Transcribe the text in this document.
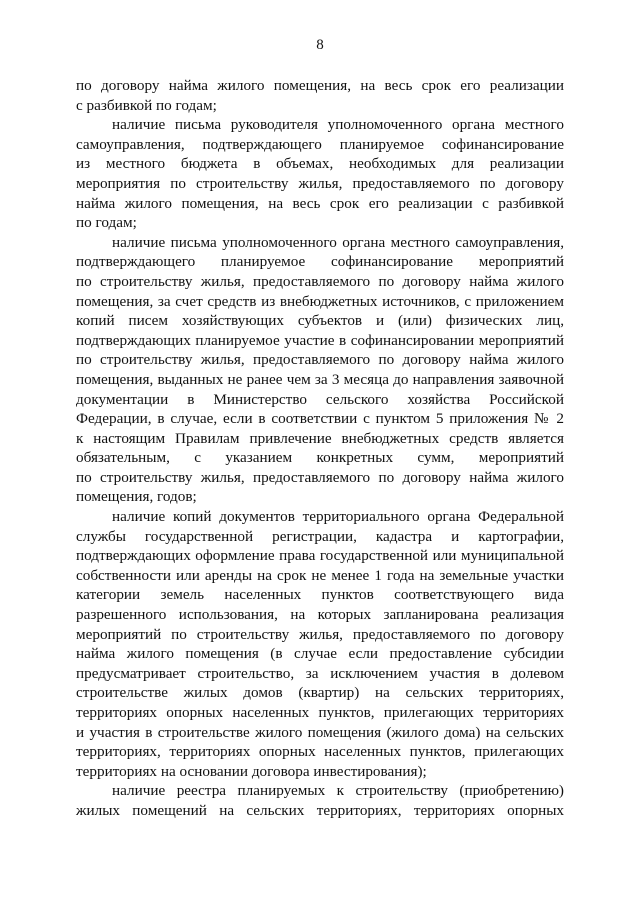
8
по договору найма жилого помещения, на весь срок его реализации
с разбивкой по годам;
наличие письма руководителя уполномоченного органа местного
самоуправления, подтверждающего планируемое софинансирование
из местного бюджета в объемах, необходимых для реализации
мероприятия по строительству жилья, предоставляемого по договору
найма жилого помещения, на весь срок его реализации с разбивкой
по годам;
наличие письма уполномоченного органа местного самоуправления,
подтверждающего планируемое софинансирование мероприятий
по строительству жилья, предоставляемого по договору найма жилого
помещения, за счет средств из внебюджетных источников, с приложением
копий писем хозяйствующих субъектов и (или) физических лиц,
подтверждающих планируемое участие в софинансировании мероприятий
по строительству жилья, предоставляемого по договору найма жилого
помещения, выданных не ранее чем за 3 месяца до направления заявочной
документации в Министерство сельского хозяйства Российской
Федерации, в случае, если в соответствии с пунктом 5 приложения № 2
к настоящим Правилам привлечение внебюджетных средств является
обязательным, с указанием конкретных сумм, мероприятий
по строительству жилья, предоставляемого по договору найма жилого
помещения, годов;
наличие копий документов территориального органа Федеральной
службы государственной регистрации, кадастра и картографии,
подтверждающих оформление права государственной или муниципальной
собственности или аренды на срок не менее 1 года на земельные участки
категории земель населенных пунктов соответствующего вида
разрешенного использования, на которых запланирована реализация
мероприятий по строительству жилья, предоставляемого по договору
найма жилого помещения (в случае если предоставление субсидии
предусматривает строительство, за исключением участия в долевом
строительстве жилых домов (квартир) на сельских территориях,
территориях опорных населенных пунктов, прилегающих территориях
и участия в строительстве жилого помещения (жилого дома) на сельских
территориях, территориях опорных населенных пунктов, прилегающих
территориях на основании договора инвестирования);
наличие реестра планируемых к строительству (приобретению)
жилых помещений на сельских территориях, территориях опорных
